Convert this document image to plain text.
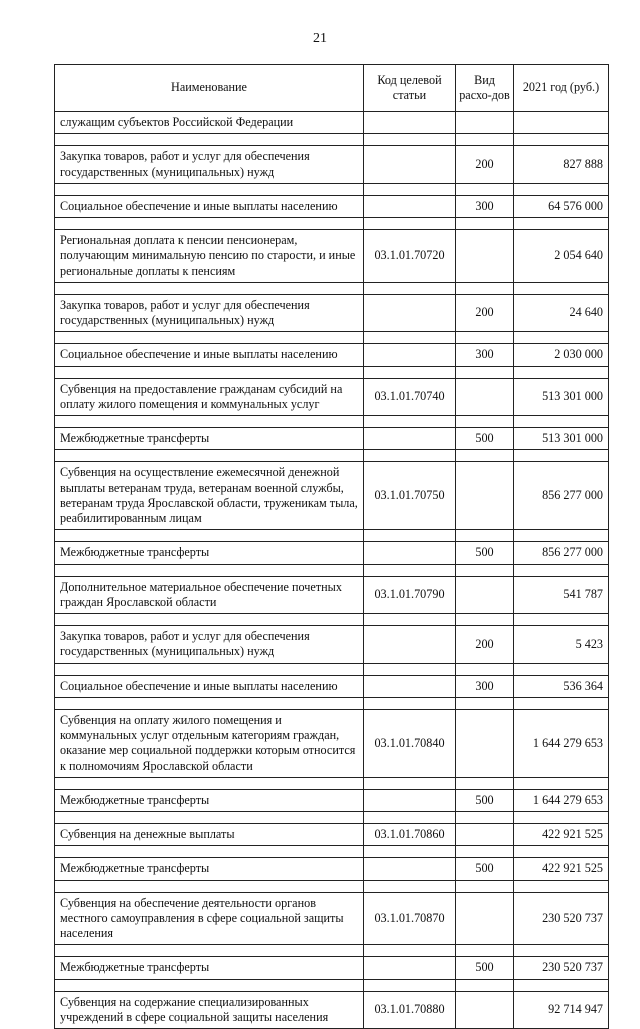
21
Наименование	Код целевой статьи	Вид расхо-дов	2021 год (руб.)
служащим субъектов Российской Федерации			

Закупка товаров, работ и услуг для обеспечения государственных (муниципальных) нужд		200	827 888

Социальное обеспечение и иные выплаты населению		300	64 576 000

Региональная доплата к пенсии пенсионерам, получающим минимальную пенсию по старости, и иные региональные доплаты к пенсиям	03.1.01.70720		2 054 640

Закупка товаров, работ и услуг для обеспечения государственных (муниципальных) нужд		200	24 640

Социальное обеспечение и иные выплаты населению		300	2 030 000

Субвенция на предоставление гражданам субсидий на оплату жилого помещения и коммунальных услуг	03.1.01.70740		513 301 000

Межбюджетные трансферты		500	513 301 000

Субвенция на осуществление ежемесячной денежной выплаты ветеранам труда, ветеранам военной службы, ветеранам труда Ярославской области, труженикам тыла, реабилитированным лицам	03.1.01.70750		856 277 000

Межбюджетные трансферты		500	856 277 000

Дополнительное материальное обеспечение почетных граждан Ярославской области	03.1.01.70790		541 787

Закупка товаров, работ и услуг для обеспечения государственных (муниципальных) нужд		200	5 423

Социальное обеспечение и иные выплаты населению		300	536 364

Субвенция на оплату жилого помещения и коммунальных услуг отдельным категориям граждан, оказание мер социальной поддержки которым относится к полномочиям Ярославской области	03.1.01.70840		1 644 279 653

Межбюджетные трансферты		500	1 644 279 653

Субвенция на денежные выплаты	03.1.01.70860		422 921 525

Межбюджетные трансферты		500	422 921 525

Субвенция на обеспечение деятельности органов местного самоуправления в сфере социальной защиты населения	03.1.01.70870		230 520 737

Межбюджетные трансферты		500	230 520 737

Субвенция на содержание специализированных учреждений в сфере социальной защиты населения	03.1.01.70880		92 714 947
